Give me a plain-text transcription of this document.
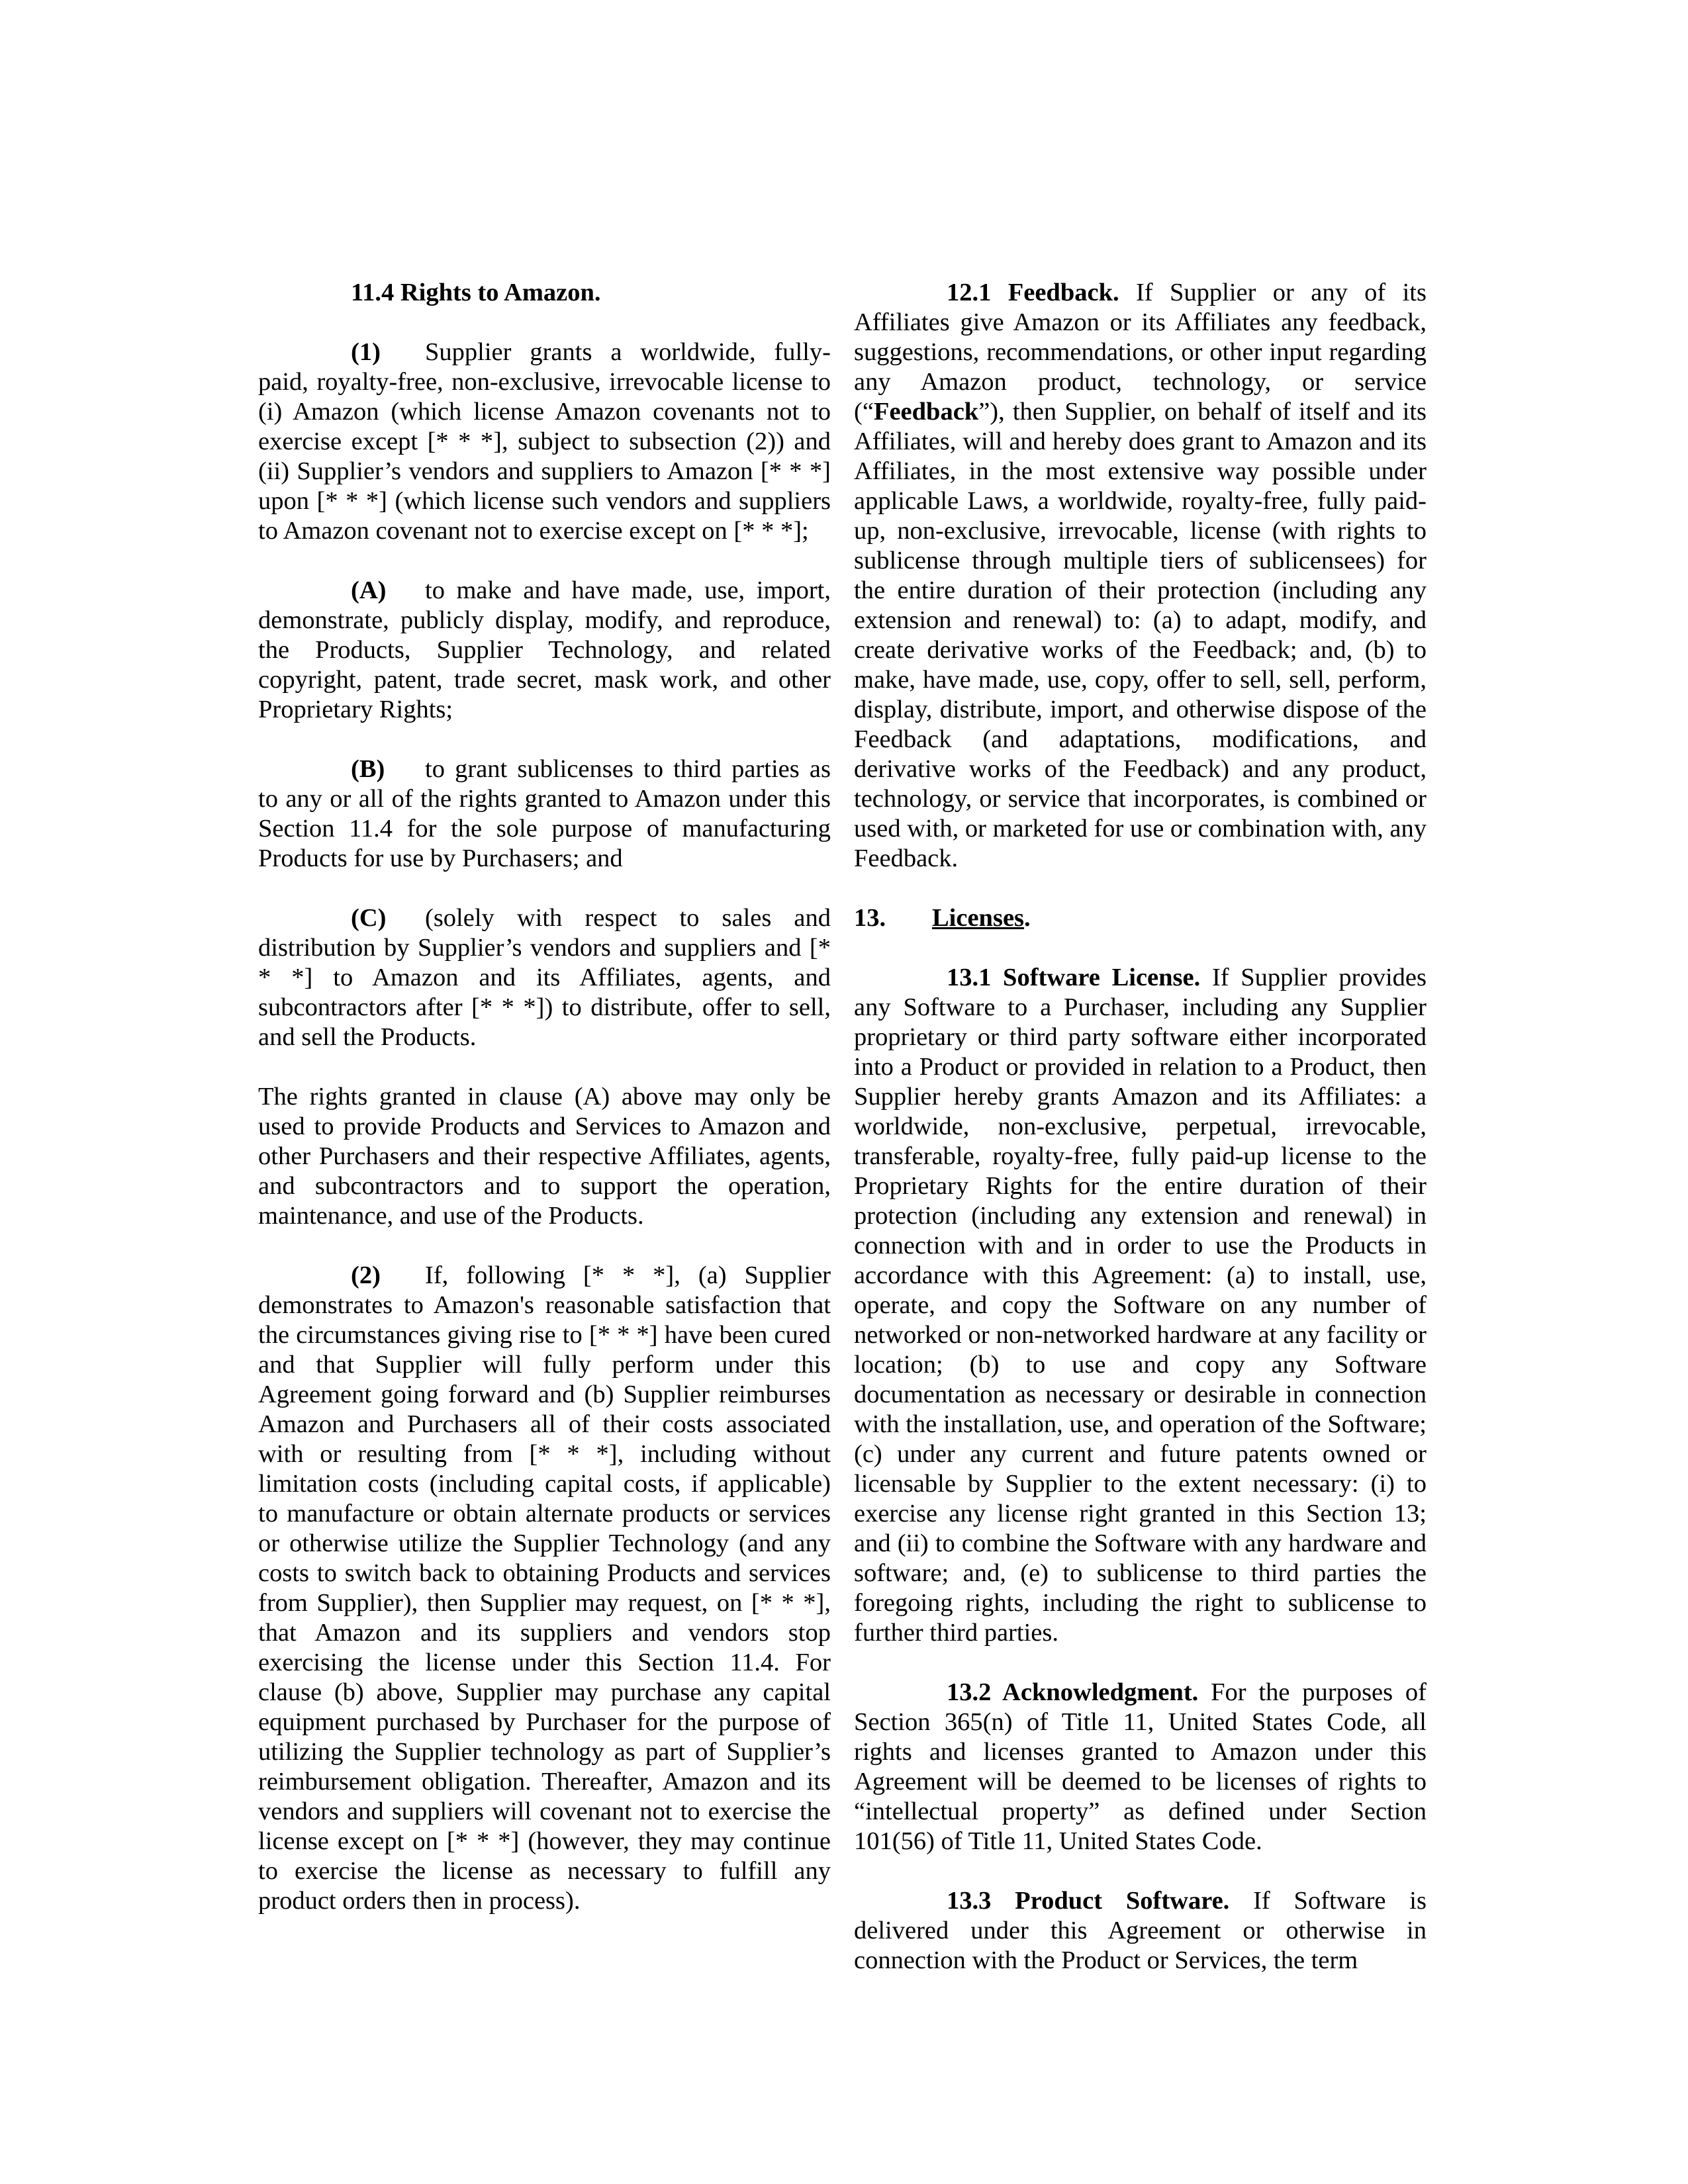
11.4 Rights to Amazon.

(1) Supplier grants a worldwide, fully-paid, royalty-free, non-exclusive, irrevocable license to (i) Amazon (which license Amazon covenants not to exercise except [* * *], subject to subsection (2)) and (ii) Supplier’s vendors and suppliers to Amazon [* * *] upon [* * *] (which license such vendors and suppliers to Amazon covenant not to exercise except on [* * *];

(A) to make and have made, use, import, demonstrate, publicly display, modify, and reproduce, the Products, Supplier Technology, and related copyright, patent, trade secret, mask work, and other Proprietary Rights;

(B) to grant sublicenses to third parties as to any or all of the rights granted to Amazon under this Section 11.4 for the sole purpose of manufacturing Products for use by Purchasers; and

(C) (solely with respect to sales and distribution by Supplier’s vendors and suppliers and [* * *] to Amazon and its Affiliates, agents, and subcontractors after [* * *]) to distribute, offer to sell, and sell the Products.

The rights granted in clause (A) above may only be used to provide Products and Services to Amazon and other Purchasers and their respective Affiliates, agents, and subcontractors and to support the operation, maintenance, and use of the Products.

(2) If, following [* * *], (a) Supplier demonstrates to Amazon's reasonable satisfaction that the circumstances giving rise to [* * *] have been cured and that Supplier will fully perform under this Agreement going forward and (b) Supplier reimburses Amazon and Purchasers all of their costs associated with or resulting from [* * *], including without limitation costs (including capital costs, if applicable) to manufacture or obtain alternate products or services or otherwise utilize the Supplier Technology (and any costs to switch back to obtaining Products and services from Supplier), then Supplier may request, on [* * *], that Amazon and its suppliers and vendors stop exercising the license under this Section 11.4. For clause (b) above, Supplier may purchase any capital equipment purchased by Purchaser for the purpose of utilizing the Supplier technology as part of Supplier’s reimbursement obligation. Thereafter, Amazon and its vendors and suppliers will covenant not to exercise the license except on [* * *] (however, they may continue to exercise the license as necessary to fulfill any product orders then in process).

12.1 Feedback. If Supplier or any of its Affiliates give Amazon or its Affiliates any feedback, suggestions, recommendations, or other input regarding any Amazon product, technology, or service (“Feedback”), then Supplier, on behalf of itself and its Affiliates, will and hereby does grant to Amazon and its Affiliates, in the most extensive way possible under applicable Laws, a worldwide, royalty-free, fully paid-up, non-exclusive, irrevocable, license (with rights to sublicense through multiple tiers of sublicensees) for the entire duration of their protection (including any extension and renewal) to: (a) to adapt, modify, and create derivative works of the Feedback; and, (b) to make, have made, use, copy, offer to sell, sell, perform, display, distribute, import, and otherwise dispose of the Feedback (and adaptations, modifications, and derivative works of the Feedback) and any product, technology, or service that incorporates, is combined or used with, or marketed for use or combination with, any Feedback.

13. Licenses.

13.1 Software License. If Supplier provides any Software to a Purchaser, including any Supplier proprietary or third party software either incorporated into a Product or provided in relation to a Product, then Supplier hereby grants Amazon and its Affiliates: a worldwide, non-exclusive, perpetual, irrevocable, transferable, royalty-free, fully paid-up license to the Proprietary Rights for the entire duration of their protection (including any extension and renewal) in connection with and in order to use the Products in accordance with this Agreement: (a) to install, use, operate, and copy the Software on any number of networked or non-networked hardware at any facility or location; (b) to use and copy any Software documentation as necessary or desirable in connection with the installation, use, and operation of the Software; (c) under any current and future patents owned or licensable by Supplier to the extent necessary: (i) to exercise any license right granted in this Section 13; and (ii) to combine the Software with any hardware and software; and, (e) to sublicense to third parties the foregoing rights, including the right to sublicense to further third parties.

13.2 Acknowledgment. For the purposes of Section 365(n) of Title 11, United States Code, all rights and licenses granted to Amazon under this Agreement will be deemed to be licenses of rights to “intellectual property” as defined under Section 101(56) of Title 11, United States Code.

13.3 Product Software. If Software is delivered under this Agreement or otherwise in connection with the Product or Services, the term
